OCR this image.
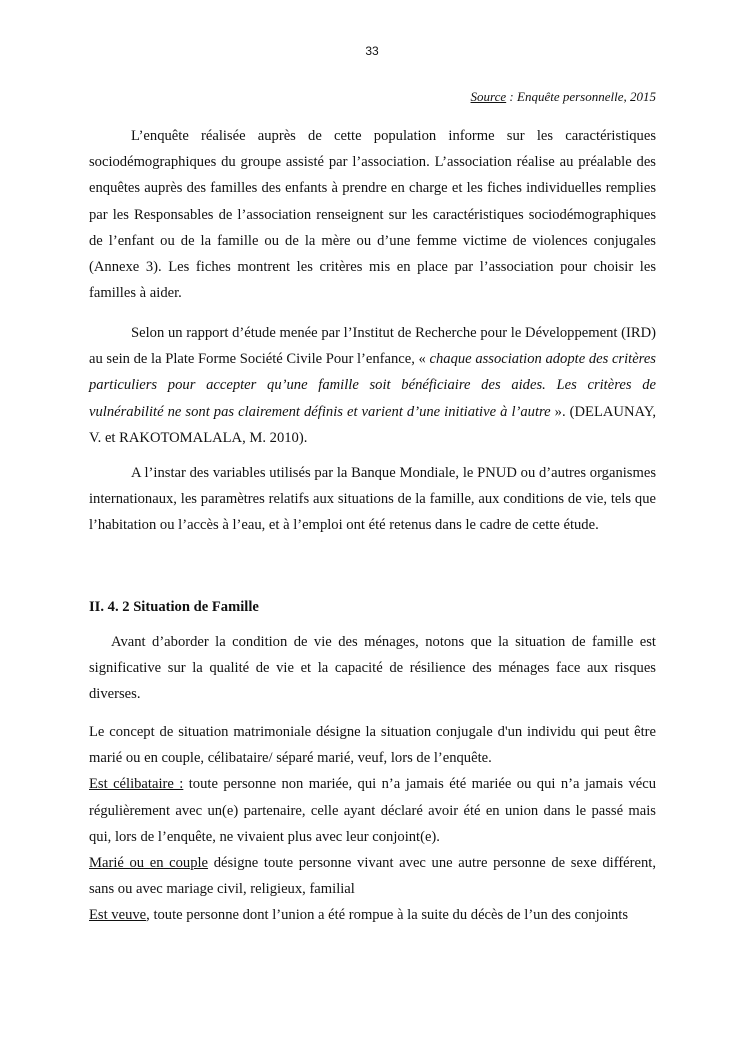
33
Source : Enquête personnelle, 2015

L’enquête réalisée auprès de cette population informe sur les caractéristiques sociodémographiques du groupe assisté par l’association. L’association réalise au préalable des enquêtes auprès des familles des enfants à prendre en charge et les fiches individuelles remplies par les Responsables de l’association renseignent sur les caractéristiques sociodémographiques de l’enfant ou de la famille ou de la mère ou d’une femme victime de violences conjugales (Annexe 3). Les fiches montrent les critères mis en place par l’association pour choisir les familles à aider.

Selon un rapport d’étude menée par l’Institut de Recherche pour le Développement (IRD) au sein de la Plate Forme Société Civile Pour l’enfance, « chaque association adopte des critères particuliers pour accepter qu’une famille soit bénéficiaire des aides. Les critères de vulnérabilité ne sont pas clairement définis et varient d’une initiative à l’autre ». (DELAUNAY, V. et RAKOTOMALALA, M. 2010).

A l’instar des variables utilisés par la Banque Mondiale, le PNUD ou d’autres organismes internationaux, les paramètres relatifs aux situations de la famille, aux conditions de vie, tels que l’habitation ou l’accès à l’eau, et à l’emploi ont été retenus dans le cadre de cette étude.

II. 4. 2 Situation de Famille

Avant d’aborder la condition de vie des ménages, notons que la situation de famille est significative sur la qualité de vie et la capacité de résilience des ménages face aux risques diverses.

Le concept de situation matrimoniale désigne la situation conjugale d'un individu qui peut être marié ou en couple, célibataire/ séparé marié, veuf, lors de l’enquête.

Est célibataire : toute personne non mariée, qui n’a jamais été mariée ou qui n’a jamais vécu régulièrement avec un(e) partenaire, celle ayant déclaré avoir été en union dans le passé mais qui, lors de l’enquête, ne vivaient plus avec leur conjoint(e).

Marié ou en couple désigne toute personne vivant avec une autre personne de sexe différent, sans ou avec mariage civil, religieux, familial

Est veuve, toute personne dont l’union a été rompue à la suite du décès de l’un des conjoints
